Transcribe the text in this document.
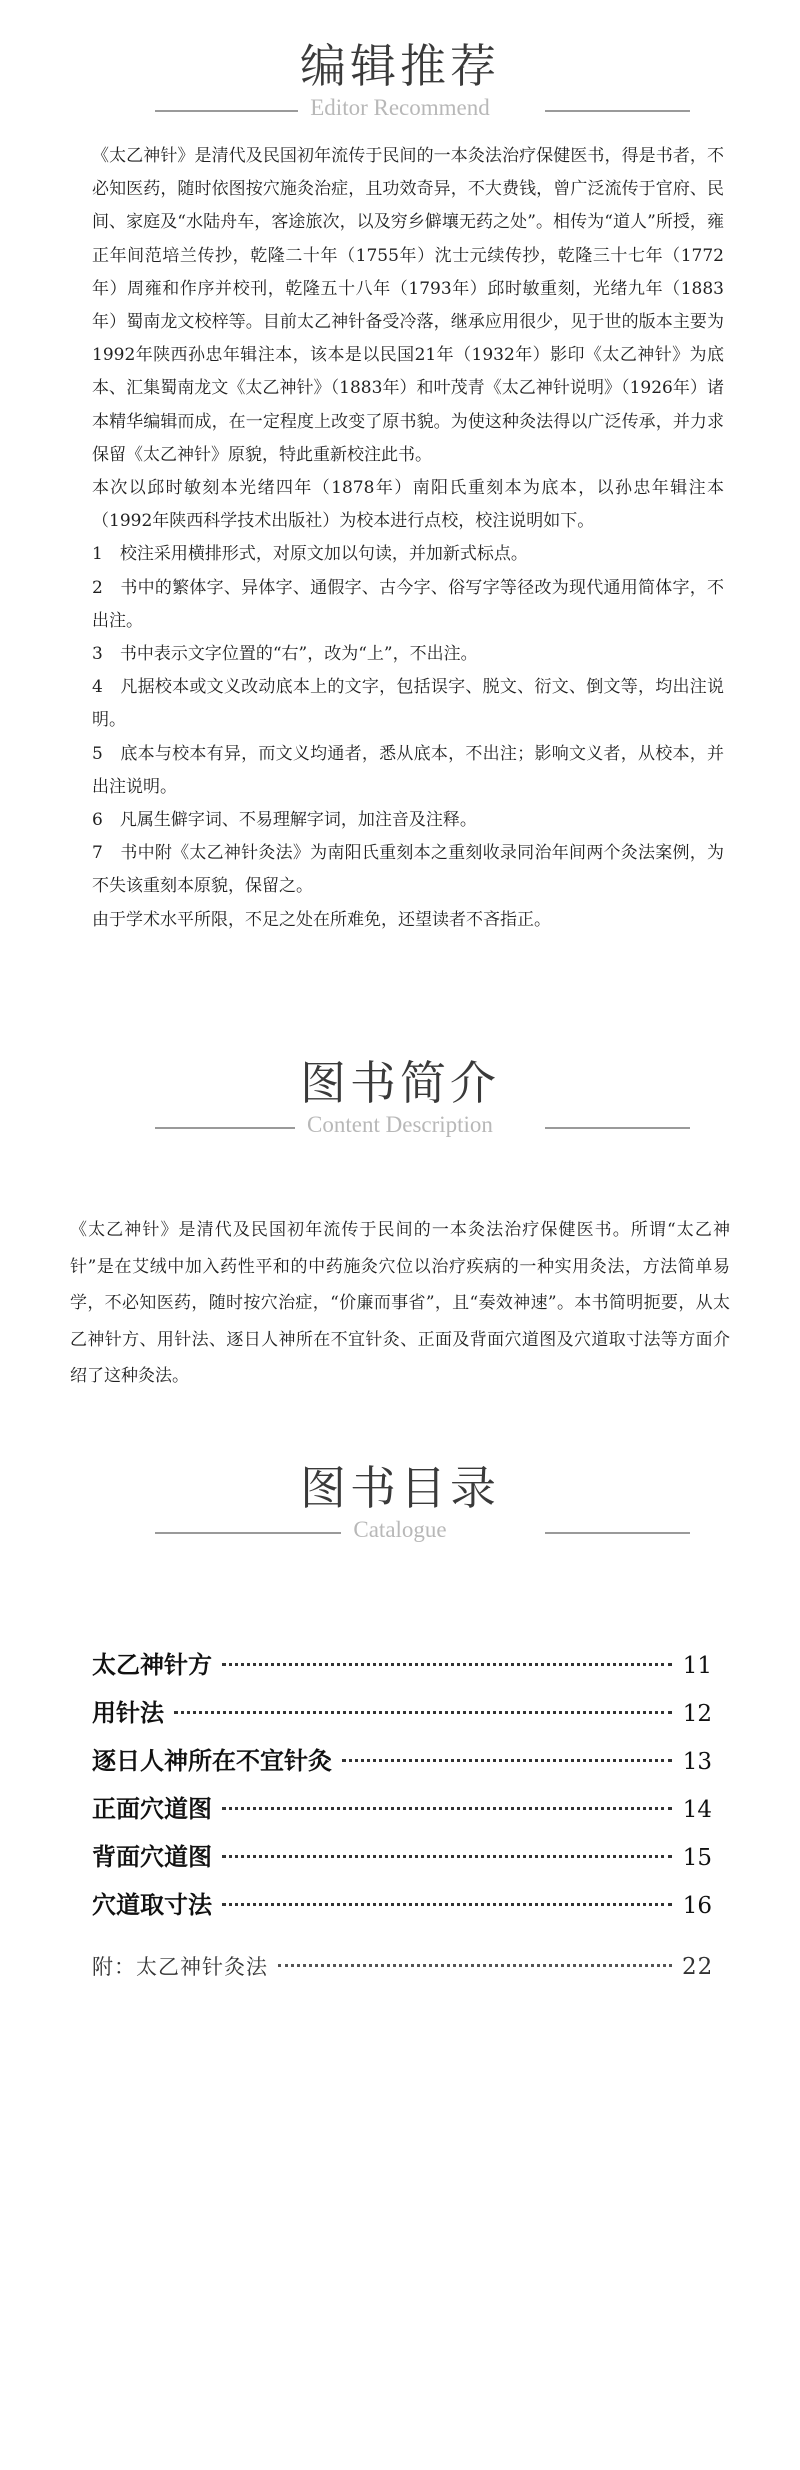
编辑推荐
Editor Recommend

《太乙神针》是清代及民国初年流传于民间的一本灸法治疗保健医书，得是书者，不必知医药，随时依图按穴施灸治症，且功效奇异，不大费钱，曾广泛流传于官府、民间、家庭及“水陆舟车，客途旅次，以及穷乡僻壤无药之处”。相传为“道人”所授，雍正年间范培兰传抄，乾隆二十年（1755年）沈士元续传抄，乾隆三十七年（1772年）周雍和作序并校刊，乾隆五十八年（1793年）邱时敏重刻，光绪九年（1883年）蜀南龙文校梓等。目前太乙神针备受冷落，继承应用很少，见于世的版本主要为1992年陕西孙忠年辑注本，该本是以民国21年（1932年）影印《太乙神针》为底本、汇集蜀南龙文《太乙神针》（1883年）和叶茂青《太乙神针说明》（1926年）诸本精华编辑而成，在一定程度上改变了原书貌。为使这种灸法得以广泛传承，并力求保留《太乙神针》原貌，特此重新校注此书。

本次以邱时敏刻本光绪四年（1878年）南阳氏重刻本为底本，以孙忠年辑注本（1992年陕西科学技术出版社）为校本进行点校，校注说明如下。

1　校注采用横排形式，对原文加以句读，并加新式标点。

2　书中的繁体字、异体字、通假字、古今字、俗写字等径改为现代通用简体字，不出注。

3　书中表示文字位置的“右”，改为“上”，不出注。

4　凡据校本或文义改动底本上的文字，包括误字、脱文、衍文、倒文等，均出注说明。

5　底本与校本有异，而文义均通者，悉从底本，不出注；影响文义者，从校本，并出注说明。

6　凡属生僻字词、不易理解字词，加注音及注释。

7　书中附《太乙神针灸法》为南阳氏重刻本之重刻收录同治年间两个灸法案例，为不失该重刻本原貌，保留之。

由于学术水平所限，不足之处在所难免，还望读者不吝指正。

图书简介
Content Description

《太乙神针》是清代及民国初年流传于民间的一本灸法治疗保健医书。所谓“太乙神针”是在艾绒中加入药性平和的中药施灸穴位以治疗疾病的一种实用灸法，方法简单易学，不必知医药，随时按穴治症，“价廉而事省”，且“奏效神速”。本书简明扼要，从太乙神针方、用针法、逐日人神所在不宜针灸、正面及背面穴道图及穴道取寸法等方面介绍了这种灸法。

图书目录
Catalogue
太乙神针方	11
用针法	12
逐日人神所在不宜针灸	13
正面穴道图	14
背面穴道图	15
穴道取寸法	16
附：太乙神针灸法	22
